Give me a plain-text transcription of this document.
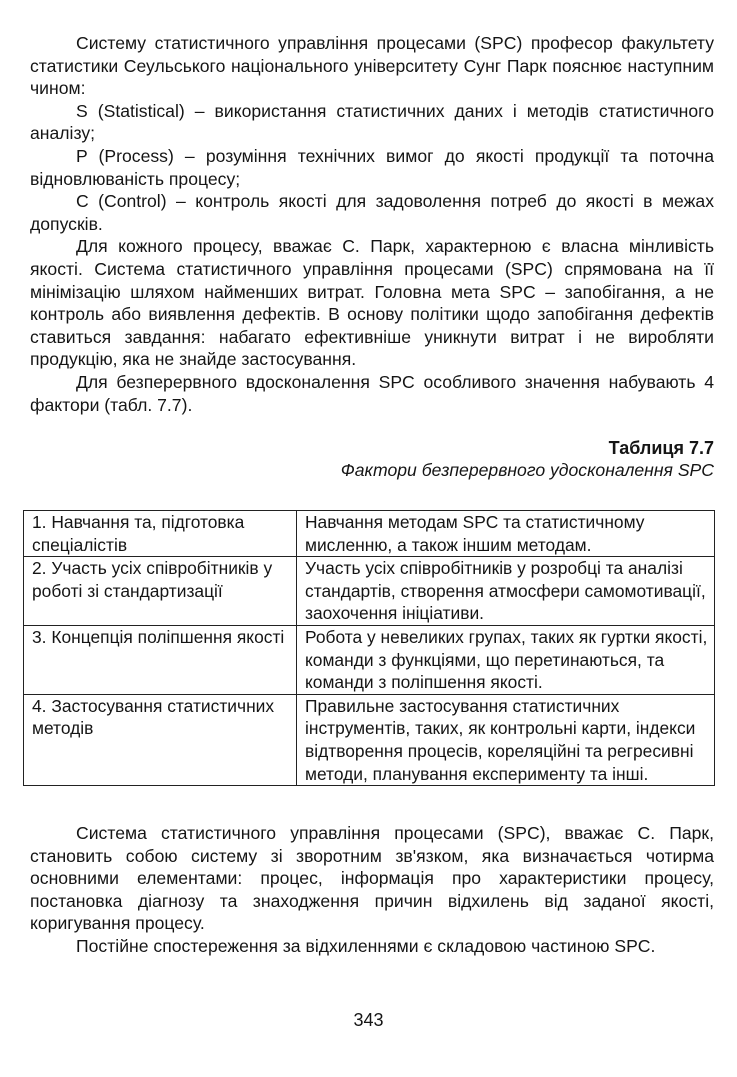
Систему статистичного управління процесами (SPC) професор факультету статистики Сеульського національного університету Сунг Парк пояснює наступним чином:

S (Statistical) – використання статистичних даних і методів статистичного аналізу;

P (Process) – розуміння технічних вимог до якості продукції та поточна відновлюваність процесу;

C (Control) – контроль якості для задоволення потреб до якості в межах допусків.

Для кожного процесу, вважає С. Парк, характерною є власна мінливість якості. Система статистичного управління процесами (SPC) спрямована на її мінімізацію шляхом найменших витрат. Головна мета SPC – запобігання, а не контроль або виявлення дефектів. В основу політики щодо запобігання дефектів ставиться завдання: набагато ефективніше уникнути витрат і не виробляти продукцію, яка не знайде застосування.

Для безперервного вдосконалення SPC особливого значення набувають 4 фактори (табл. 7.7).

Таблиця 7.7
Фактори безперервного удосконалення SPC
1. Навчання та, підготовка спеціалістів	Навчання методам SPC та статистичному мисленню, а також іншим методам.
2. Участь усіх співробітників у роботі зі стандартизації	Участь усіх співробітників у розробці та аналізі стандартів, створення атмосфери самомотивації, заохочення ініціативи.
3. Концепція поліпшення якості	Робота у невеликих групах, таких як гуртки якості, команди з функціями, що перетинаються, та команди з поліпшення якості.
4. Застосування статистичних методів	Правильне застосування статистичних інструментів, таких, як контрольні карти, індекси відтворення процесів, кореляційні та регресивні методи, планування експерименту та інші.

Система статистичного управління процесами (SPC), вважає С. Парк, становить собою систему зі зворотним зв'язком, яка визначається чотирма основними елементами: процес, інформація про характеристики процесу, постановка діагнозу та знаходження причин відхилень від заданої якості, коригування процесу.

Постійне спостереження за відхиленнями є складовою частиною SPC.

343
